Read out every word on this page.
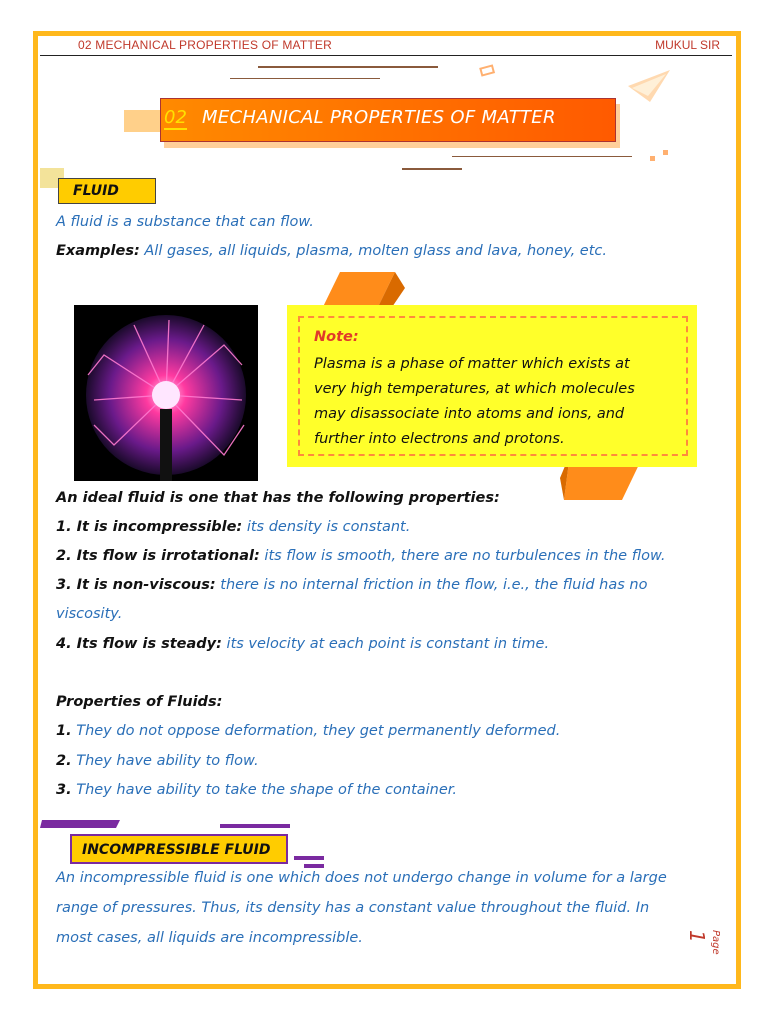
02 MECHANICAL PROPERTIES OF MATTER	MUKUL SIR
02 MECHANICAL PROPERTIES OF MATTER
FLUID
A fluid is a substance that can flow.
Examples: All gases, all liquids, plasma, molten glass and lava, honey, etc.
Note:
Plasma is a phase of matter which exists at
very high temperatures, at which molecules
may disassociate into atoms and ions, and
further into electrons and protons.
An ideal fluid is one that has the following properties:
1. It is incompressible: its density is constant.
2. Its flow is irrotational: its flow is smooth, there are no turbulences in the flow.
3. It is non-viscous: there is no internal friction in the flow, i.e., the fluid has no
viscosity.
4. Its flow is steady: its velocity at each point is constant in time.
Properties of Fluids:
1. They do not oppose deformation, they get permanently deformed.
2. They have ability to flow.
3. They have ability to take the shape of the container.
INCOMPRESSIBLE FLUID
An incompressible fluid is one which does not undergo change in volume for a large
range of pressures. Thus, its density has a constant value throughout the fluid. In
most cases, all liquids are incompressible.	Page 1
